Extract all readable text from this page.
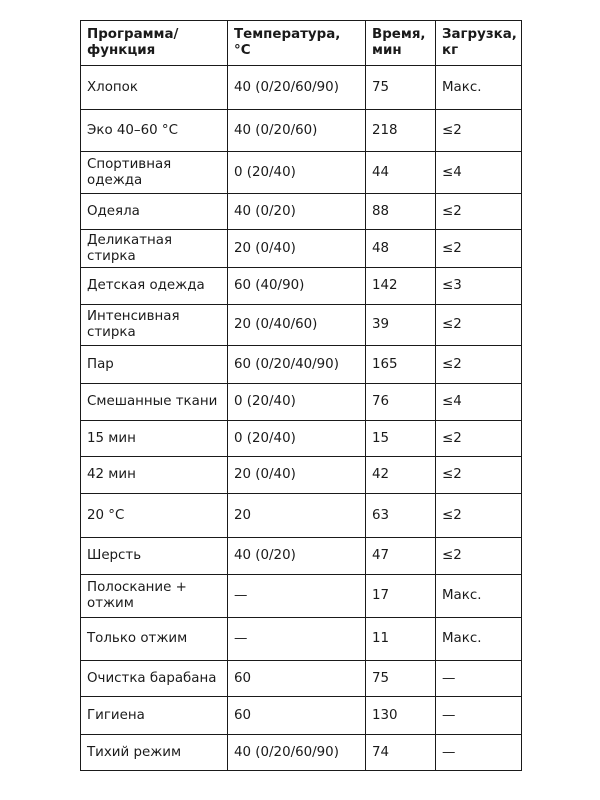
Программа/ функция	Температура, °C	Время, мин	Загрузка, кг
Хлопок	40 (0/20/60/90)	75	Макс.
Эко 40–60 °C	40 (0/20/60)	218	≤2
Спортивная одежда	0 (20/40)	44	≤4
Одеяла	40 (0/20)	88	≤2
Деликатная стирка	20 (0/40)	48	≤2
Детская одежда	60 (40/90)	142	≤3
Интенсивная стирка	20 (0/40/60)	39	≤2
Пар	60 (0/20/40/90)	165	≤2
Смешанные ткани	0 (20/40)	76	≤4
15 мин	0 (20/40)	15	≤2
42 мин	20 (0/40)	42	≤2
20 °C	20	63	≤2
Шерсть	40 (0/20)	47	≤2
Полоскание + отжим	—	17	Макс.
Только отжим	—	11	Макс.
Очистка барабана	60	75	—
Гигиена	60	130	—
Тихий режим	40 (0/20/60/90)	74	—
